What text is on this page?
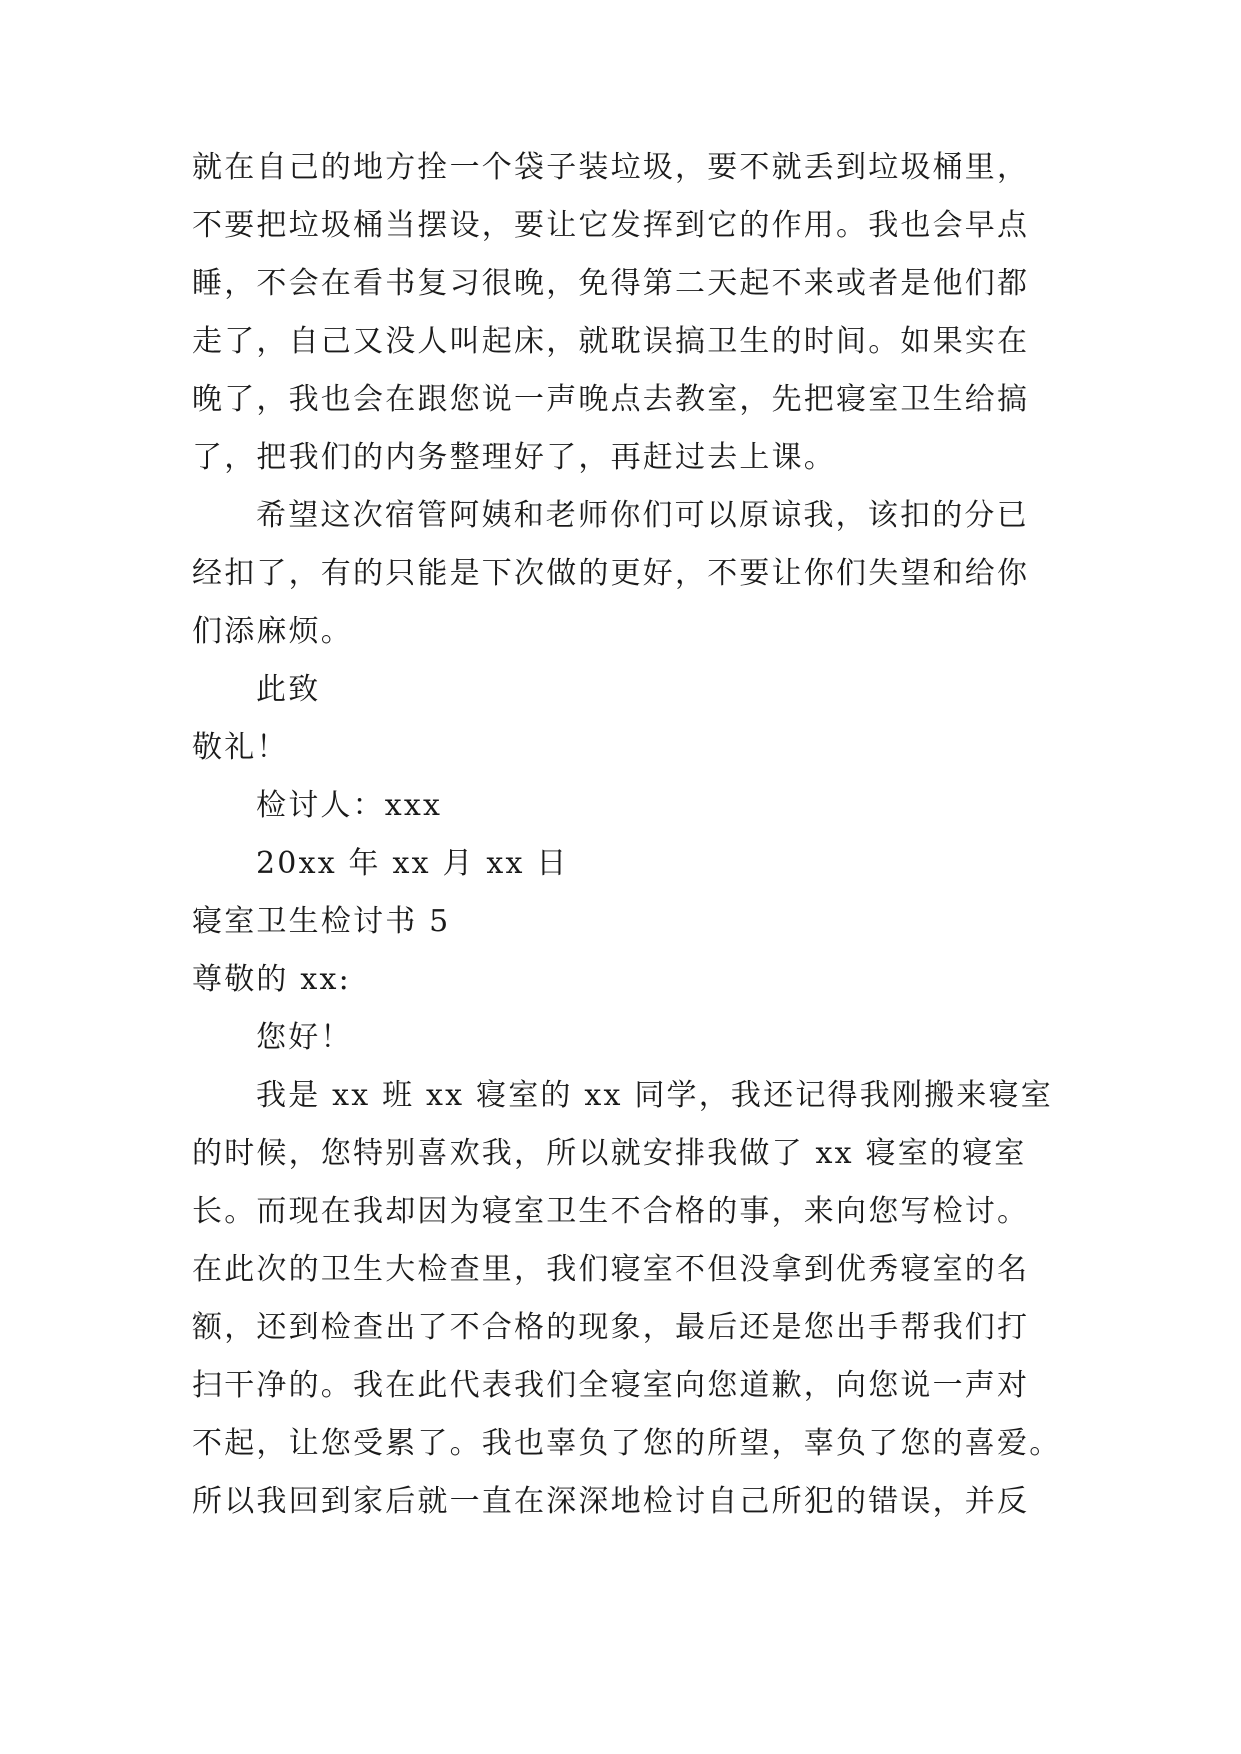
就在自己的地方拴一个袋子装垃圾，要不就丢到垃圾桶里，
不要把垃圾桶当摆设，要让它发挥到它的作用。我也会早点
睡，不会在看书复习很晚，免得第二天起不来或者是他们都
走了，自己又没人叫起床，就耽误搞卫生的时间。如果实在
晚了，我也会在跟您说一声晚点去教室，先把寝室卫生给搞
了，把我们的内务整理好了，再赶过去上课。
希望这次宿管阿姨和老师你们可以原谅我，该扣的分已
经扣了，有的只能是下次做的更好，不要让你们失望和给你
们添麻烦。
此致
敬礼！
检讨人：xxx
20xx 年 xx 月 xx 日
寝室卫生检讨书 5
尊敬的 xx:
您好！
我是 xx 班 xx 寝室的 xx 同学，我还记得我刚搬来寝室
的时候，您特别喜欢我，所以就安排我做了 xx 寝室的寝室
长。而现在我却因为寝室卫生不合格的事，来向您写检讨。
在此次的卫生大检查里，我们寝室不但没拿到优秀寝室的名
额，还到检查出了不合格的现象，最后还是您出手帮我们打
扫干净的。我在此代表我们全寝室向您道歉，向您说一声对
不起，让您受累了。我也辜负了您的所望，辜负了您的喜爱。
所以我回到家后就一直在深深地检讨自己所犯的错误，并反
